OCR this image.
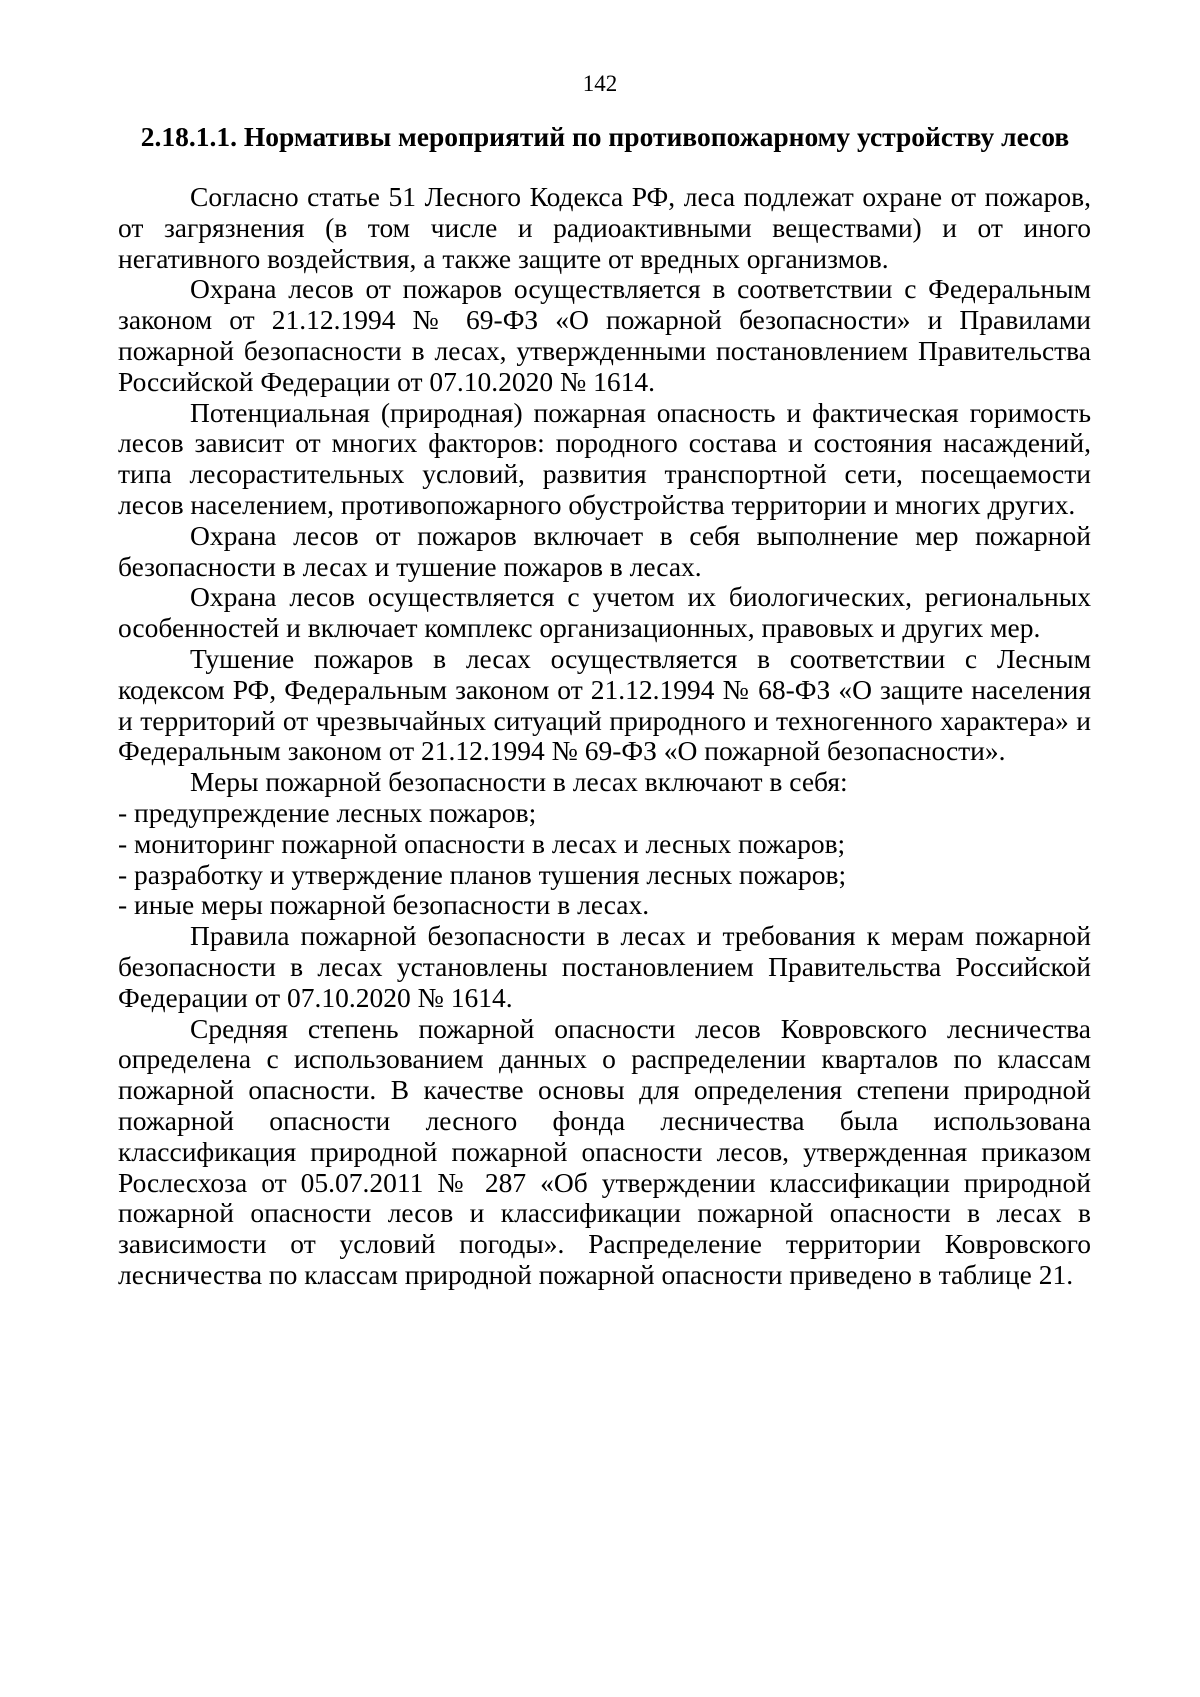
142
2.18.1.1. Нормативы мероприятий по противопожарному устройству лесов

Согласно статье 51 Лесного Кодекса РФ, леса подлежат охране от пожаров, от загрязнения (в том числе и радиоактивными веществами) и от иного негативного воздействия, а также защите от вредных организмов.

Охрана лесов от пожаров осуществляется в соответствии с Федеральным законом от 21.12.1994 № 69-ФЗ «О пожарной безопасности» и Правилами пожарной безопасности в лесах, утвержденными постановлением Правительства Российской Федерации от 07.10.2020 № 1614.

Потенциальная (природная) пожарная опасность и фактическая горимость лесов зависит от многих факторов: породного состава и состояния насаждений, типа лесорастительных условий, развития транспортной сети, посещаемости лесов населением, противопожарного обустройства территории и многих других.

Охрана лесов от пожаров включает в себя выполнение мер пожарной безопасности в лесах и тушение пожаров в лесах.

Охрана лесов осуществляется с учетом их биологических, региональных особенностей и включает комплекс организационных, правовых и других мер.

Тушение пожаров в лесах осуществляется в соответствии с Лесным кодексом РФ, Федеральным законом от 21.12.1994 № 68-ФЗ «О защите населения и территорий от чрезвычайных ситуаций природного и техногенного характера» и Федеральным законом от 21.12.1994 № 69-ФЗ «О пожарной безопасности».

Меры пожарной безопасности в лесах включают в себя:

- предупреждение лесных пожаров;

- мониторинг пожарной опасности в лесах и лесных пожаров;

- разработку и утверждение планов тушения лесных пожаров;

- иные меры пожарной безопасности в лесах.

Правила пожарной безопасности в лесах и требования к мерам пожарной безопасности в лесах установлены постановлением Правительства Российской Федерации от 07.10.2020 № 1614.

Средняя степень пожарной опасности лесов Ковровского лесничества определена с использованием данных о распределении кварталов по классам пожарной опасности. В качестве основы для определения степени природной пожарной опасности лесного фонда лесничества была использована классификация природной пожарной опасности лесов, утвержденная приказом Рослесхоза от 05.07.2011 № 287 «Об утверждении классификации природной пожарной опасности лесов и классификации пожарной опасности в лесах в зависимости от условий погоды». Распределение территории Ковровского лесничества по классам природной пожарной опасности приведено в таблице 21.
